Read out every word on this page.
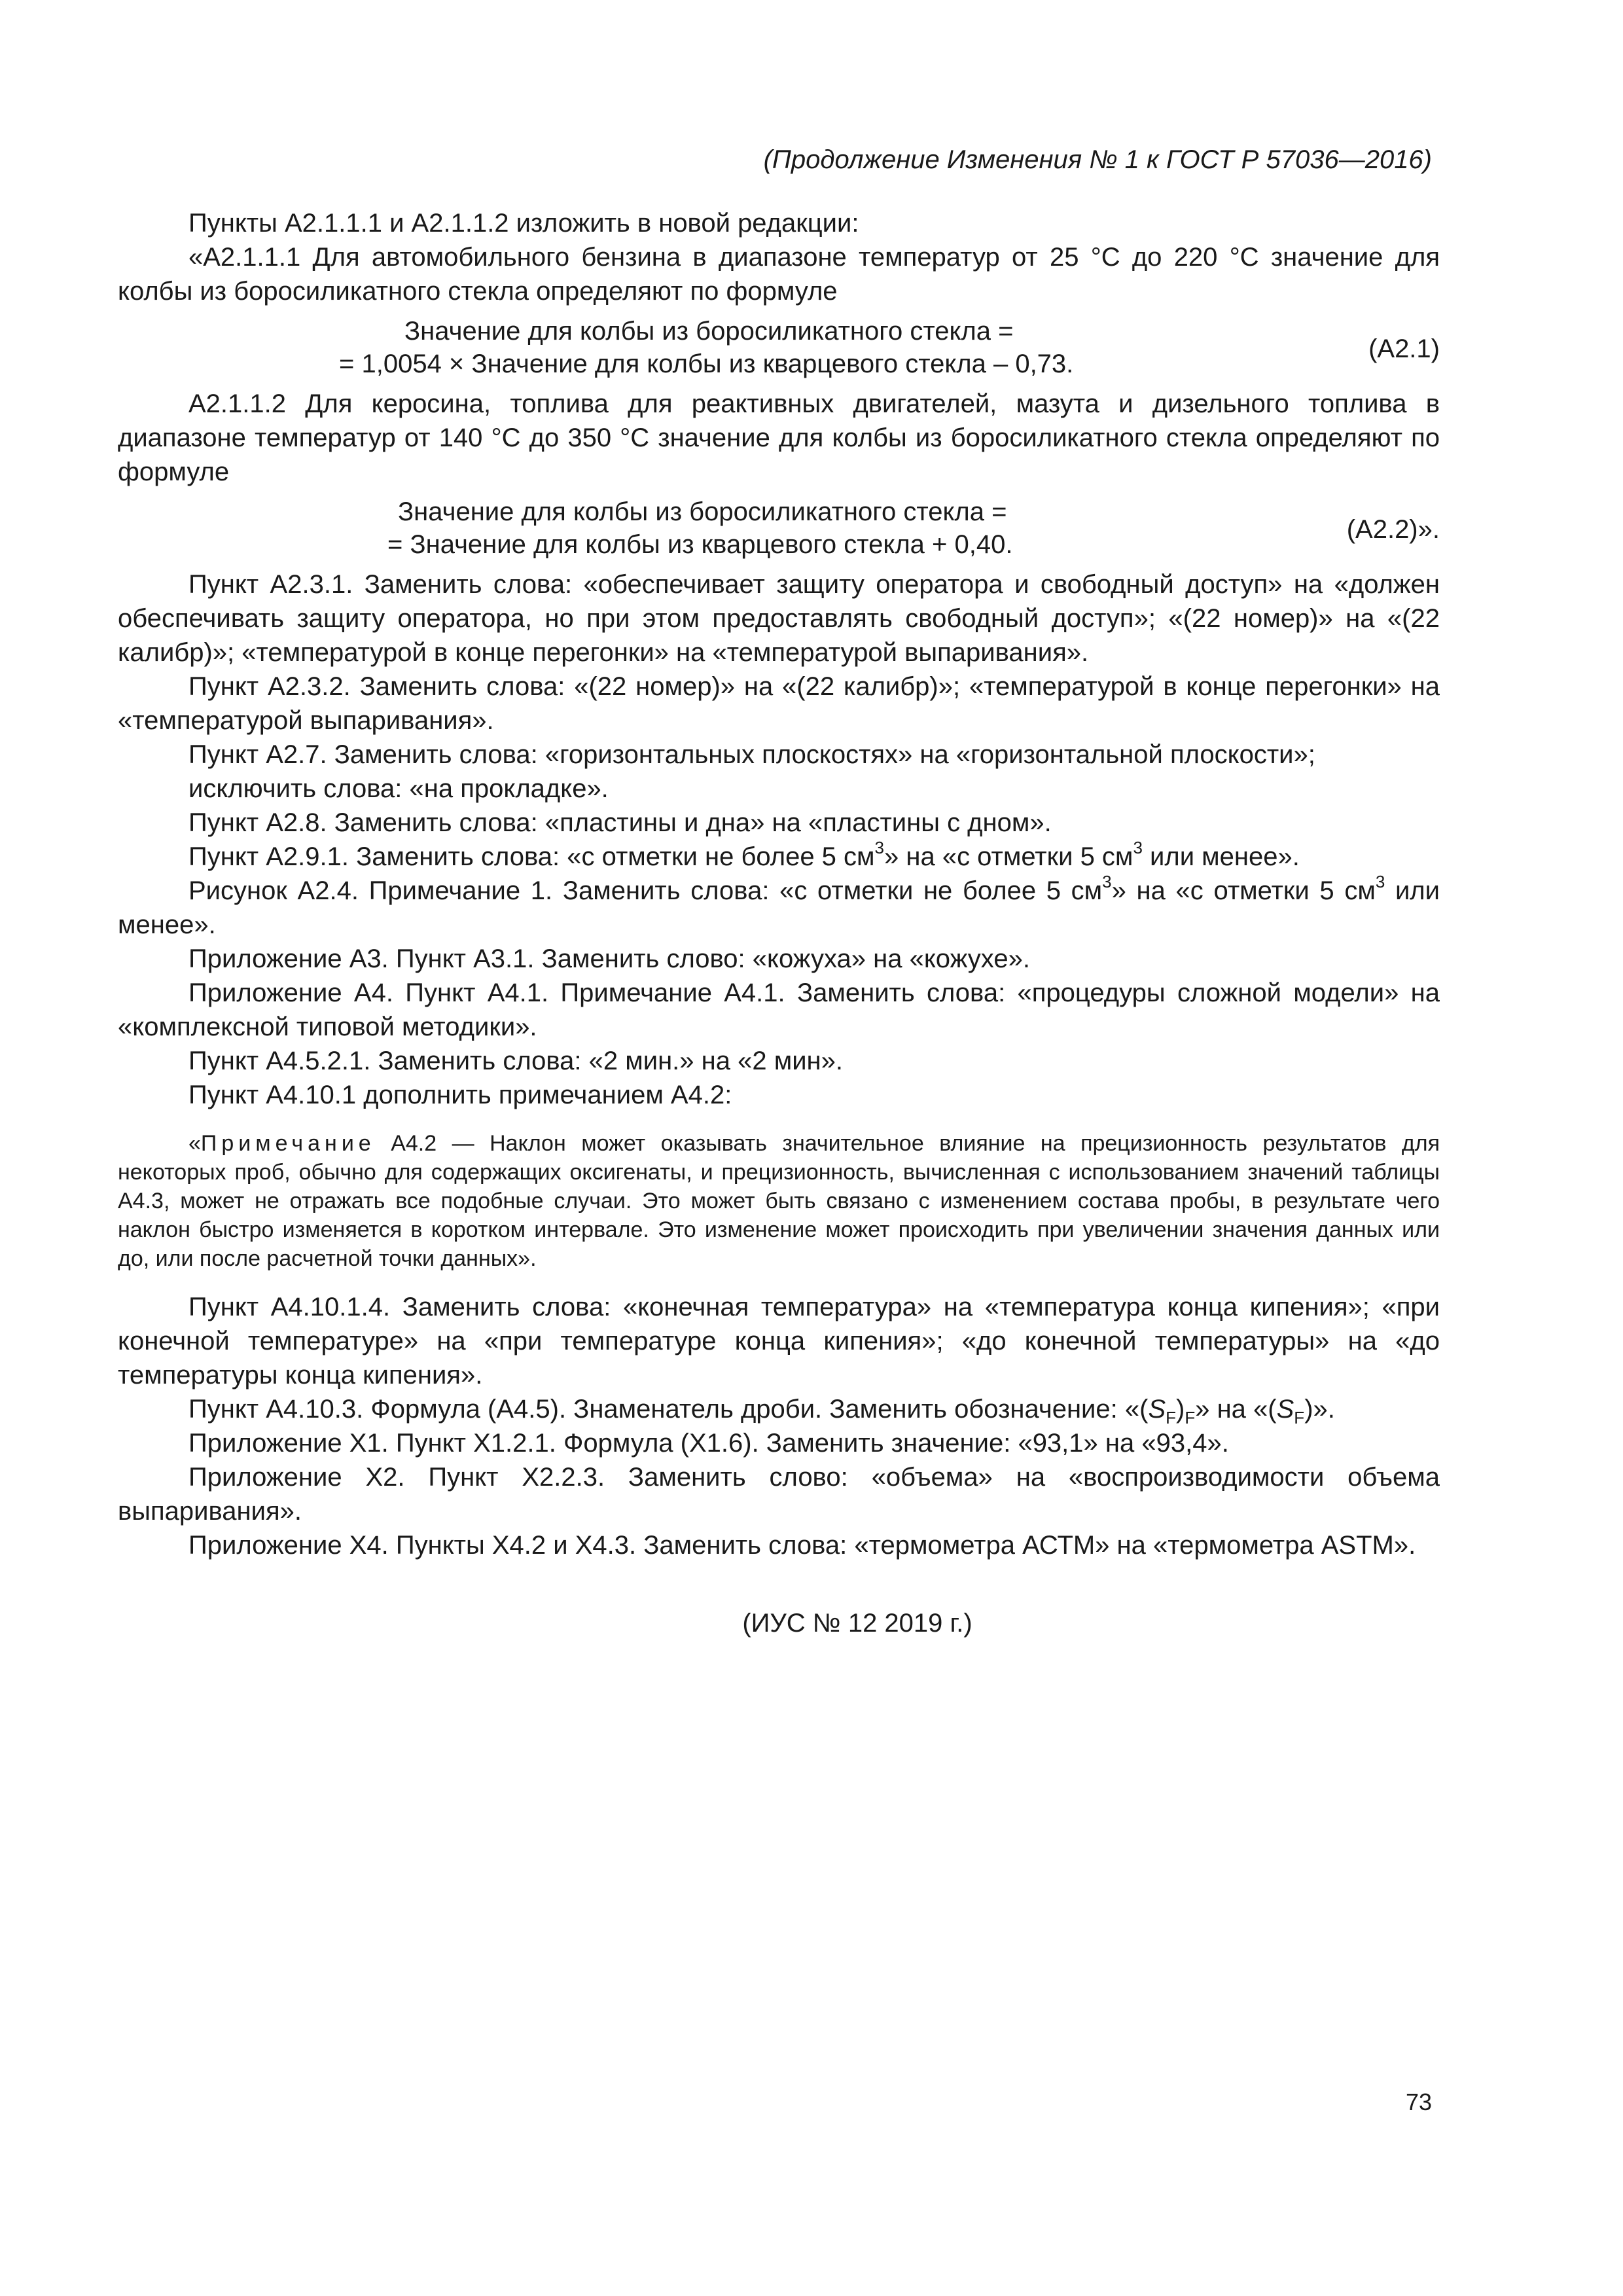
(Продолжение Изменения № 1 к ГОСТ Р 57036—2016)

Пункты А2.1.1.1 и А2.1.1.2 изложить в новой редакции:

«А2.1.1.1 Для автомобильного бензина в диапазоне температур от 25 °С до 220 °С значение для колбы из боросиликатного стекла определяют по формуле

Значение для колбы из боросиликатного стекла =
= 1,0054 × Значение для колбы из кварцевого стекла – 0,73.
(А2.1)

А2.1.1.2 Для керосина, топлива для реактивных двигателей, мазута и дизельного топлива в диапазоне температур от 140 °С до 350 °С значение для колбы из боросиликатного стекла определяют по формуле

Значение для колбы из боросиликатного стекла =
= Значение для колбы из кварцевого стекла + 0,40.
(А2.2)».

Пункт А2.3.1. Заменить слова: «обеспечивает защиту оператора и свободный доступ» на «должен обеспечивать защиту оператора, но при этом предоставлять свободный доступ»; «(22 номер)» на «(22 калибр)»; «температурой в конце перегонки» на «температурой выпаривания».

Пункт А2.3.2. Заменить слова: «(22 номер)» на «(22 калибр)»; «температурой в конце перегонки» на «температурой выпаривания».

Пункт А2.7. Заменить слова: «горизонтальных плоскостях» на «горизонтальной плоскости»;

исключить слова: «на прокладке».

Пункт А2.8. Заменить слова: «пластины и дна» на «пластины с дном».

Пункт А2.9.1. Заменить слова: «с отметки не более 5 $см^3$» на «с отметки 5 $см^3$ или менее».

Рисунок А2.4. Примечание 1. Заменить слова: «с отметки не более 5 $см^3$» на «с отметки 5 $см^3$ или менее».

Приложение А3. Пункт А3.1. Заменить слово: «кожуха» на «кожухе».

Приложение А4. Пункт А4.1. Примечание А4.1. Заменить слова: «процедуры сложной модели» на «комплексной типовой методики».

Пункт А4.5.2.1. Заменить слова: «2 мин.» на «2 мин».

Пункт А4.10.1 дополнить примечанием А4.2:

«Примечание А4.2 — Наклон может оказывать значительное влияние на прецизионность результатов для некоторых проб, обычно для содержащих оксигенаты, и прецизионность, вычисленная с использованием значений таблицы А4.3, может не отражать все подобные случаи. Это может быть связано с изменением состава пробы, в результате чего наклон быстро изменяется в коротком интервале. Это изменение может происходить при увеличении значения данных или до, или после расчетной точки данных».

Пункт А4.10.1.4. Заменить слова: «конечная температура» на «температура конца кипения»; «при конечной температуре» на «при температуре конца кипения»; «до конечной температуры» на «до температуры конца кипения».

Пункт А4.10.3. Формула (А4.5). Знаменатель дроби. Заменить обозначение: «$(S_F)_F$» на «$(S_F)$».

Приложение Х1. Пункт Х1.2.1. Формула (Х1.6). Заменить значение: «93,1» на «93,4».

Приложение Х2. Пункт Х2.2.3. Заменить слово: «объема» на «воспроизводимости объема выпаривания».

Приложение Х4. Пункты Х4.2 и Х4.3. Заменить слова: «термометра АСТМ» на «термометра ASTM».

(ИУС № 12 2019 г.)
73
